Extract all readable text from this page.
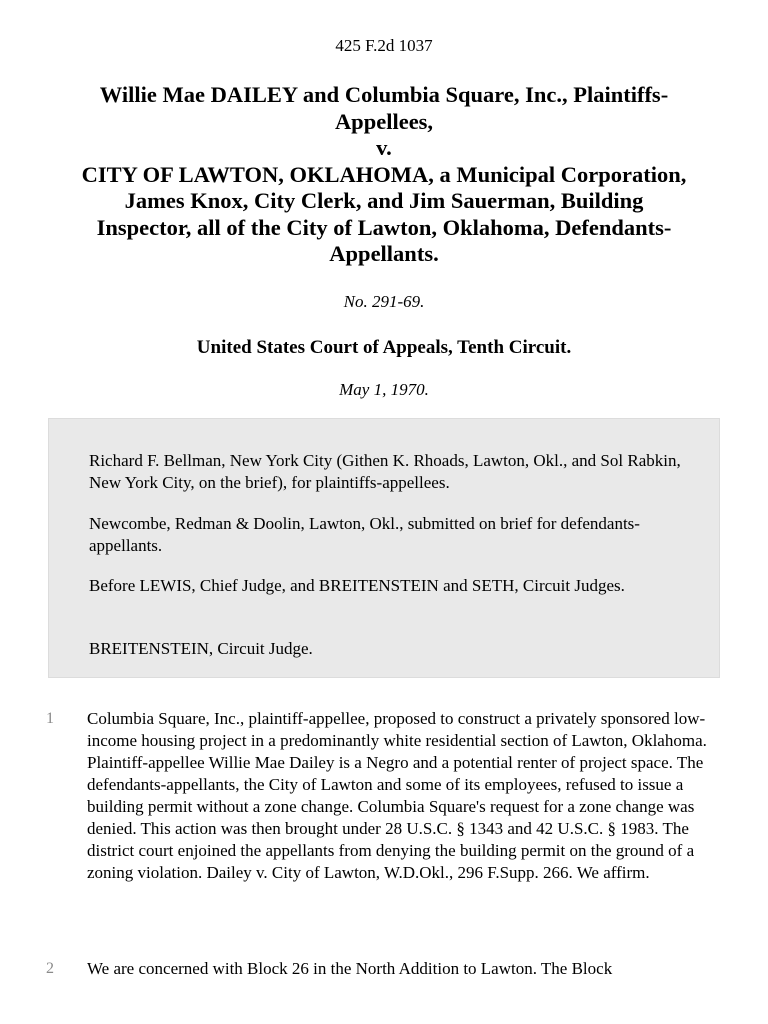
425 F.2d 1037
Willie Mae DAILEY and Columbia Square, Inc., Plaintiffs-
Appellees,
v.
CITY OF LAWTON, OKLAHOMA, a Municipal Corporation,
James Knox, City Clerk, and Jim Sauerman, Building
Inspector, all of the City of Lawton, Oklahoma, Defendants-
Appellants.
No. 291-69.
United States Court of Appeals, Tenth Circuit.
May 1, 1970.

Richard F. Bellman, New York City (Githen K. Rhoads, Lawton, Okl., and Sol Rabkin, New York City, on the brief), for plaintiffs-appellees.

Newcombe, Redman & Doolin, Lawton, Okl., submitted on brief for defendants-appellants.

Before LEWIS, Chief Judge, and BREITENSTEIN and SETH, Circuit Judges.

BREITENSTEIN, Circuit Judge.

1 Columbia Square, Inc., plaintiff-appellee, proposed to construct a privately sponsored low-income housing project in a predominantly white residential section of Lawton, Oklahoma. Plaintiff-appellee Willie Mae Dailey is a Negro and a potential renter of project space. The defendants-appellants, the City of Lawton and some of its employees, refused to issue a building permit without a zone change. Columbia Square's request for a zone change was denied. This action was then brought under 28 U.S.C. § 1343 and 42 U.S.C. § 1983. The district court enjoined the appellants from denying the building permit on the ground of a zoning violation. Dailey v. City of Lawton, W.D.Okl., 296 F.Supp. 266. We affirm.

2 We are concerned with Block 26 in the North Addition to Lawton. The Block
